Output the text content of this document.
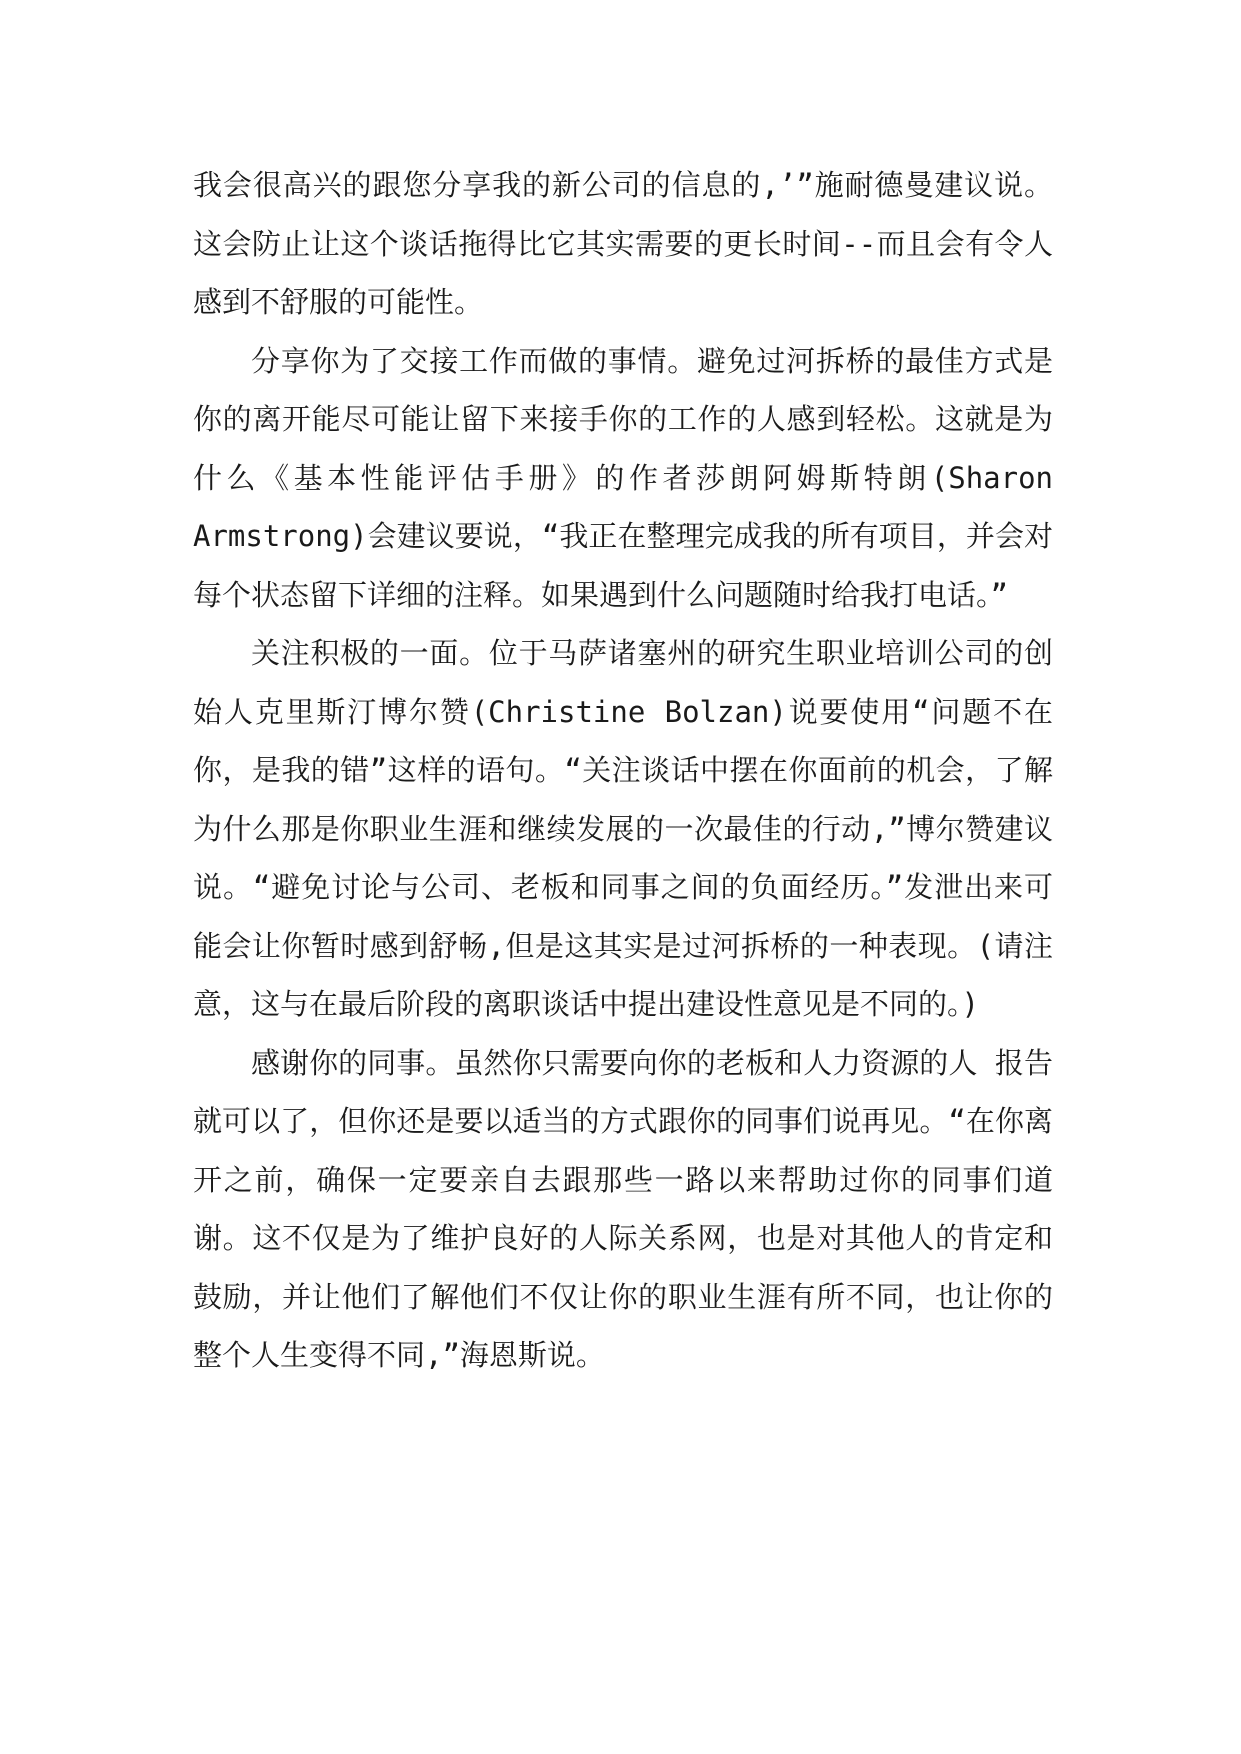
我会很高兴的跟您分享我的新公司的信息的,’”施耐德曼建议说。这会防止让这个谈话拖得比它其实需要的更长时间--而且会有令人感到不舒服的可能性。

分享你为了交接工作而做的事情。避免过河拆桥的最佳方式是你的离开能尽可能让留下来接手你的工作的人感到轻松。这就是为什么《基本性能评估手册》的作者莎朗阿姆斯特朗(Sharon Armstrong)会建议要说，“我正在整理完成我的所有项目，并会对每个状态留下详细的注释。如果遇到什么问题随时给我打电话。”

关注积极的一面。位于马萨诸塞州的研究生职业培训公司的创始人克里斯汀博尔赞(Christine Bolzan)说要使用“问题不在你，是我的错”这样的语句。“关注谈话中摆在你面前的机会，了解为什么那是你职业生涯和继续发展的一次最佳的行动,”博尔赞建议说。“避免讨论与公司、老板和同事之间的负面经历。”发泄出来可能会让你暂时感到舒畅,但是这其实是过河拆桥的一种表现。(请注意，这与在最后阶段的离职谈话中提出建设性意见是不同的。)

感谢你的同事。虽然你只需要向你的老板和人力资源的人 报告就可以了，但你还是要以适当的方式跟你的同事们说再见。“在你离开之前，确保一定要亲自去跟那些一路以来帮助过你的同事们道谢。这不仅是为了维护良好的人际关系网，也是对其他人的肯定和鼓励，并让他们了解他们不仅让你的职业生涯有所不同，也让你的整个人生变得不同,”海恩斯说。
